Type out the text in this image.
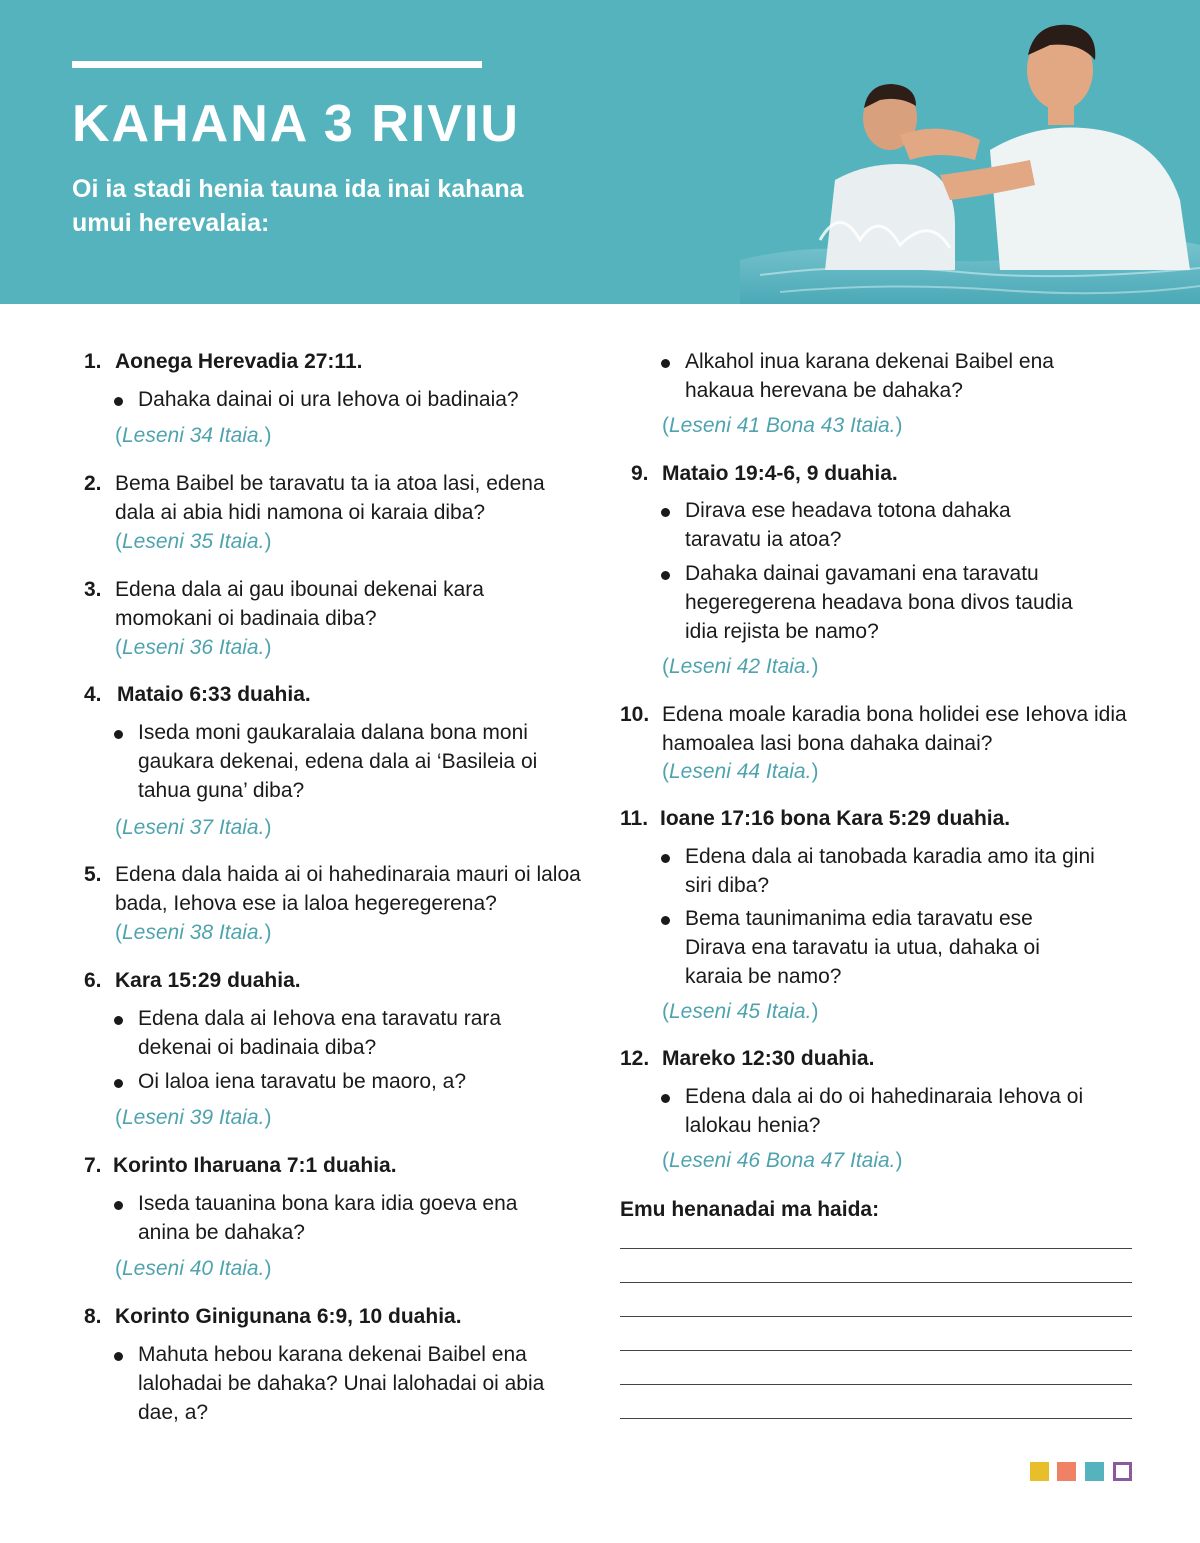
KAHANA 3 RIVIU

Oi ia stadi henia tauna ida inai kahana umui herevalaia:

1. Aonega Herevadia 27:11.
Dahaka dainai oi ura Iehova oi badinaia?
(Leseni 34 Itaia.)
2. Bema Baibel be taravatu ta ia atoa lasi, edena dala ai abia hidi namona oi karaia diba?
(Leseni 35 Itaia.)
3. Edena dala ai gau ibounai dekenai kara momokani oi badinaia diba?
(Leseni 36 Itaia.)
4. Mataio 6:33 duahia.
Iseda moni gaukaralaia dalana bona moni gaukara dekenai, edena dala ai ‘Basileia oi tahua guna’ diba?
(Leseni 37 Itaia.)
5. Edena dala haida ai oi hahedinaraia mauri oi laloa bada, Iehova ese ia laloa hegeregerena?
(Leseni 38 Itaia.)
6. Kara 15:29 duahia.
Edena dala ai Iehova ena taravatu rara dekenai oi badinaia diba?
Oi laloa iena taravatu be maoro, a?
(Leseni 39 Itaia.)
7. Korinto Iharuana 7:1 duahia.
Iseda tauanina bona kara idia goeva ena anina be dahaka?
(Leseni 40 Itaia.)
8. Korinto Ginigunana 6:9, 10 duahia.
Mahuta hebou karana dekenai Baibel ena lalohadai be dahaka? Unai lalohadai oi abia dae, a?
Alkahol inua karana dekenai Baibel ena hakaua herevana be dahaka?
(Leseni 41 Bona 43 Itaia.)
9. Mataio 19:4-6, 9 duahia.
Dirava ese headava totona dahaka taravatu ia atoa?
Dahaka dainai gavamani ena taravatu hegeregerena headava bona divos taudia idia rejista be namo?
(Leseni 42 Itaia.)
10. Edena moale karadia bona holidei ese Iehova idia hamoalea lasi bona dahaka dainai?
(Leseni 44 Itaia.)
11. Ioane 17:16 bona Kara 5:29 duahia.
Edena dala ai tanobada karadia amo ita gini siri diba?
Bema taunimanima edia taravatu ese Dirava ena taravatu ia utua, dahaka oi karaia be namo?
(Leseni 45 Itaia.)
12. Mareko 12:30 duahia.
Edena dala ai do oi hahedinaraia Iehova oi lalokau henia?
(Leseni 46 Bona 47 Itaia.)
Emu henanadai ma haida:
